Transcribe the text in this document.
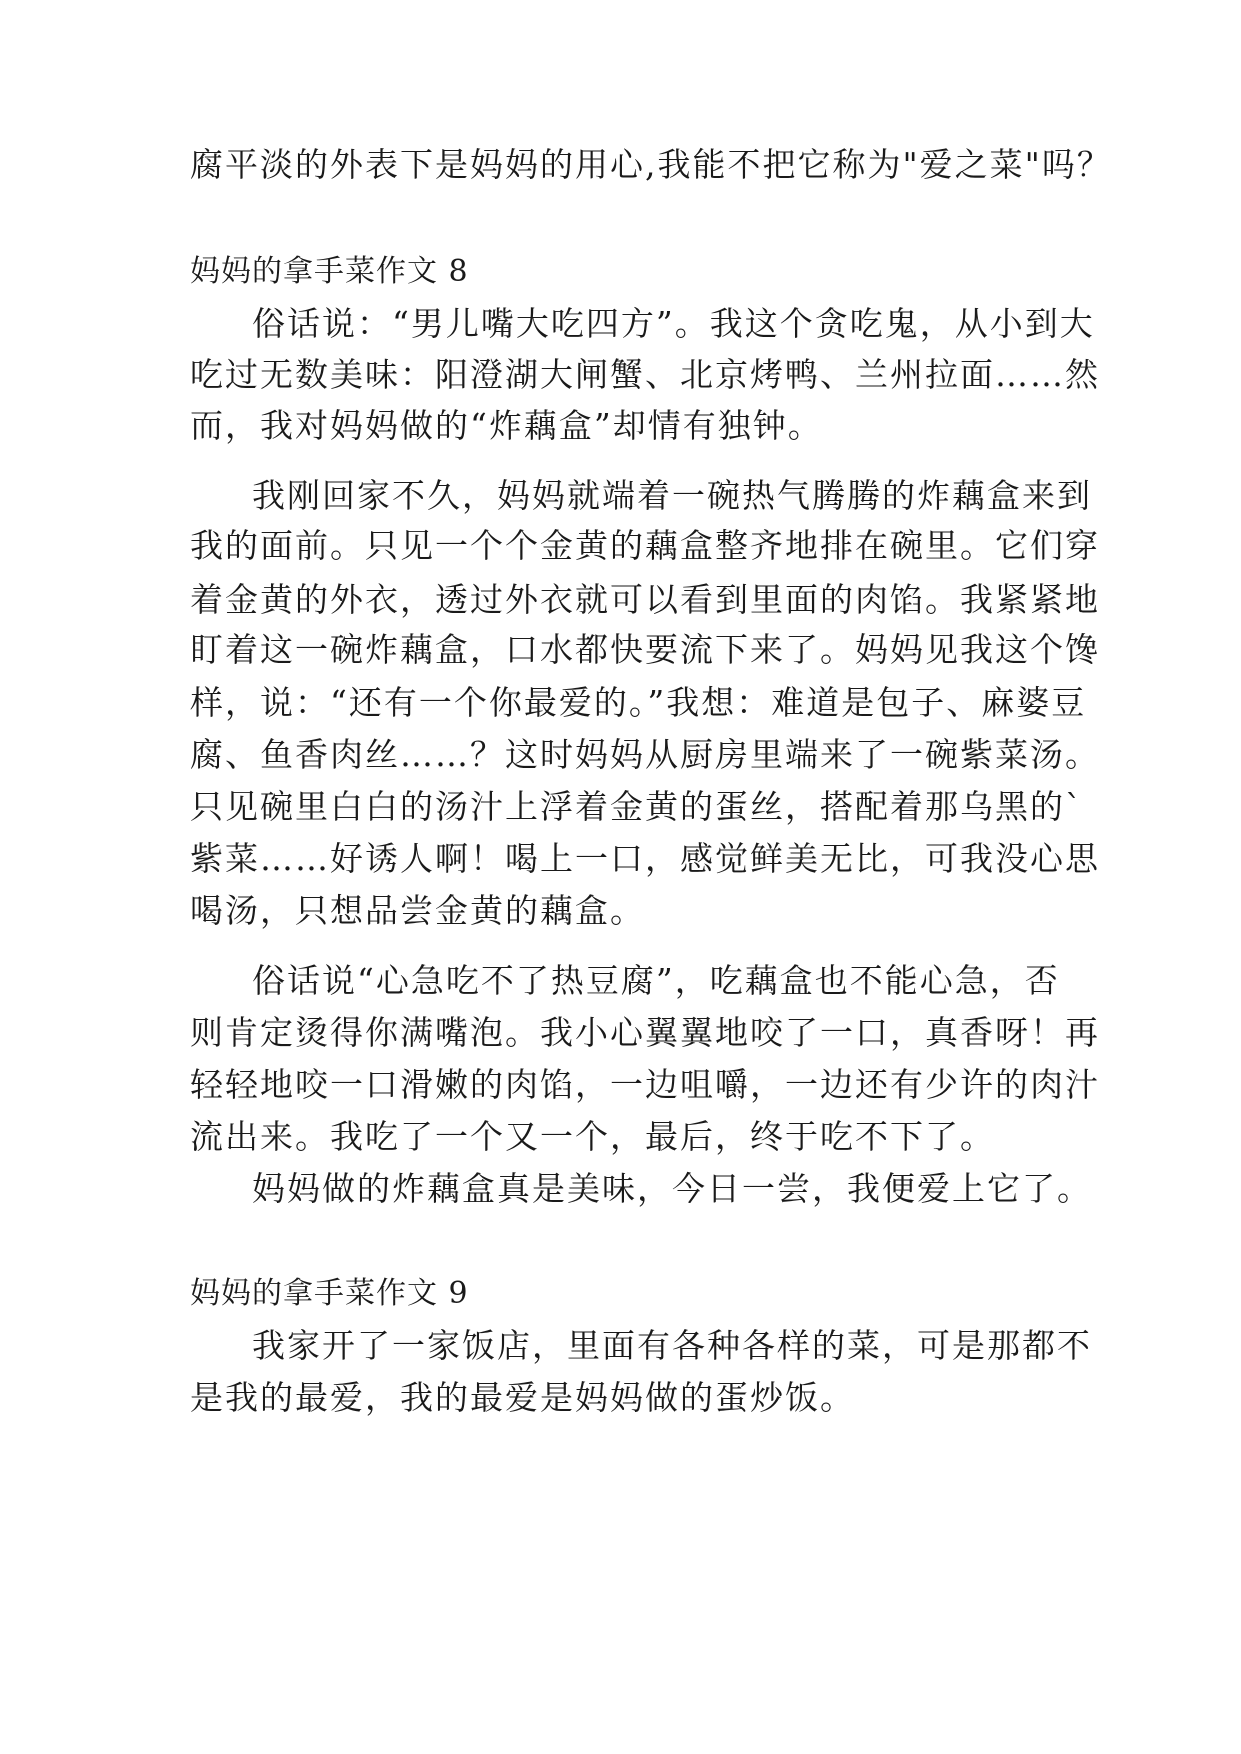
腐平淡的外表下是妈妈的用心,我能不把它称为"爱之菜"吗？
妈妈的拿手菜作文 8
俗话说：“男儿嘴大吃四方”。我这个贪吃鬼，从小到大
吃过无数美味：阳澄湖大闸蟹、北京烤鸭、兰州拉面……然
而，我对妈妈做的“炸藕盒”却情有独钟。
我刚回家不久，妈妈就端着一碗热气腾腾的炸藕盒来到
我的面前。只见一个个金黄的藕盒整齐地排在碗里。它们穿
着金黄的外衣，透过外衣就可以看到里面的肉馅。我紧紧地
盯着这一碗炸藕盒，口水都快要流下来了。妈妈见我这个馋
样，说：“还有一个你最爱的。”我想：难道是包子、麻婆豆
腐、鱼香肉丝……？这时妈妈从厨房里端来了一碗紫菜汤。
只见碗里白白的汤汁上浮着金黄的蛋丝，搭配着那乌黑的`
紫菜……好诱人啊！喝上一口，感觉鲜美无比，可我没心思
喝汤，只想品尝金黄的藕盒。
俗话说“心急吃不了热豆腐”，吃藕盒也不能心急，否
则肯定烫得你满嘴泡。我小心翼翼地咬了一口，真香呀！再
轻轻地咬一口滑嫩的肉馅，一边咀嚼，一边还有少许的肉汁
流出来。我吃了一个又一个，最后，终于吃不下了。
妈妈做的炸藕盒真是美味，今日一尝，我便爱上它了。
妈妈的拿手菜作文 9
我家开了一家饭店，里面有各种各样的菜，可是那都不
是我的最爱，我的最爱是妈妈做的蛋炒饭。
